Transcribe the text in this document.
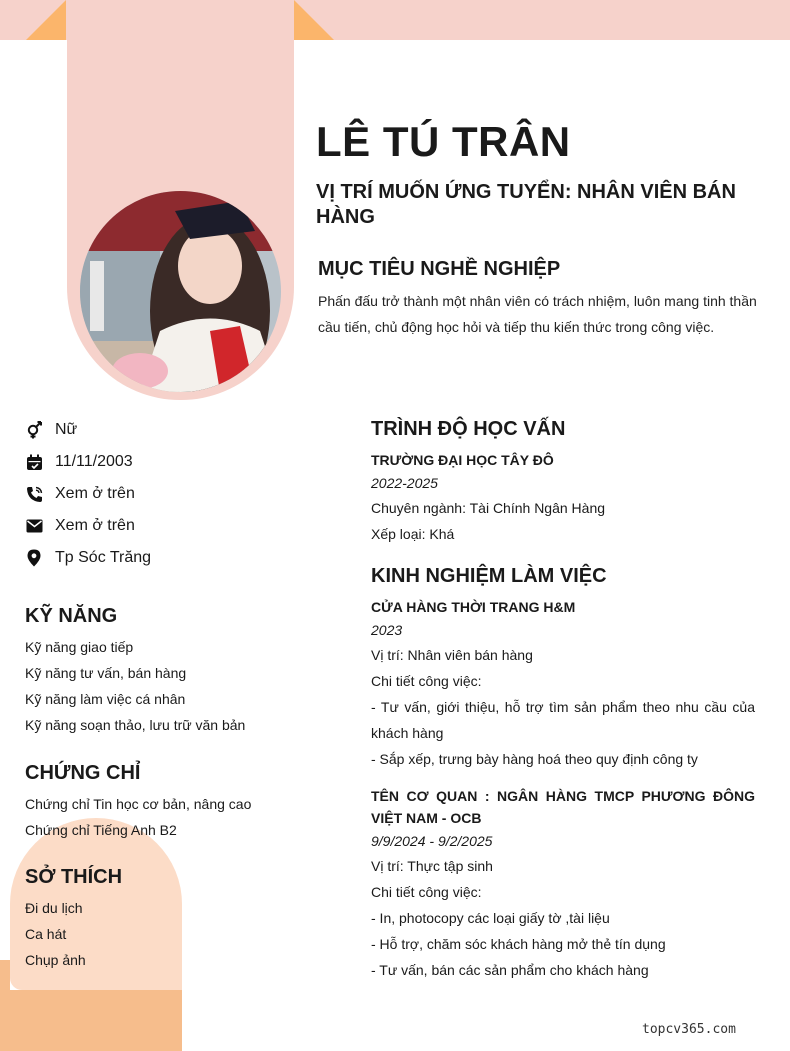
LÊ TÚ TRÂN
VỊ TRÍ MUỐN ỨNG TUYỂN: NHÂN VIÊN BÁN HÀNG
MỤC TIÊU NGHỀ NGHIỆP
Phấn đấu trở thành một nhân viên có trách nhiệm, luôn mang tinh thần cầu tiến, chủ động học hỏi và tiếp thu kiến thức trong công việc.
Nữ
11/11/2003
Xem ở trên
Xem ở trên
Tp Sóc Trăng
KỸ NĂNG
Kỹ năng giao tiếp
Kỹ năng tư vấn, bán hàng
Kỹ năng làm việc cá nhân
Kỹ năng soạn thảo, lưu trữ văn bản
CHỨNG CHỈ
Chứng chỉ Tin học cơ bản, nâng cao
Chứng chỉ Tiếng Anh B2
SỞ THÍCH
Đi du lịch
Ca hát
Chụp ảnh
TRÌNH ĐỘ HỌC VẤN
TRƯỜNG ĐẠI HỌC TÂY ĐÔ
2022-2025
Chuyên ngành: Tài Chính Ngân Hàng
Xếp loại: Khá
KINH NGHIỆM LÀM VIỆC
CỬA HÀNG THỜI TRANG H&M
2023
Vị trí: Nhân viên bán hàng
Chi tiết công việc:
- Tư vấn, giới thiệu, hỗ trợ tìm sản phẩm theo nhu cầu của khách hàng
- Sắp xếp, trưng bày hàng hoá theo quy định công ty
TÊN CƠ QUAN : NGÂN HÀNG TMCP PHƯƠNG ĐÔNG VIỆT NAM - OCB
9/9/2024 - 9/2/2025
Vị trí: Thực tập sinh
Chi tiết công việc:
- In, photocopy các loại giấy tờ ,tài liệu
- Hỗ trợ, chăm sóc khách hàng mở thẻ tín dụng
- Tư vấn, bán các sản phẩm cho khách hàng
topcv365.com
